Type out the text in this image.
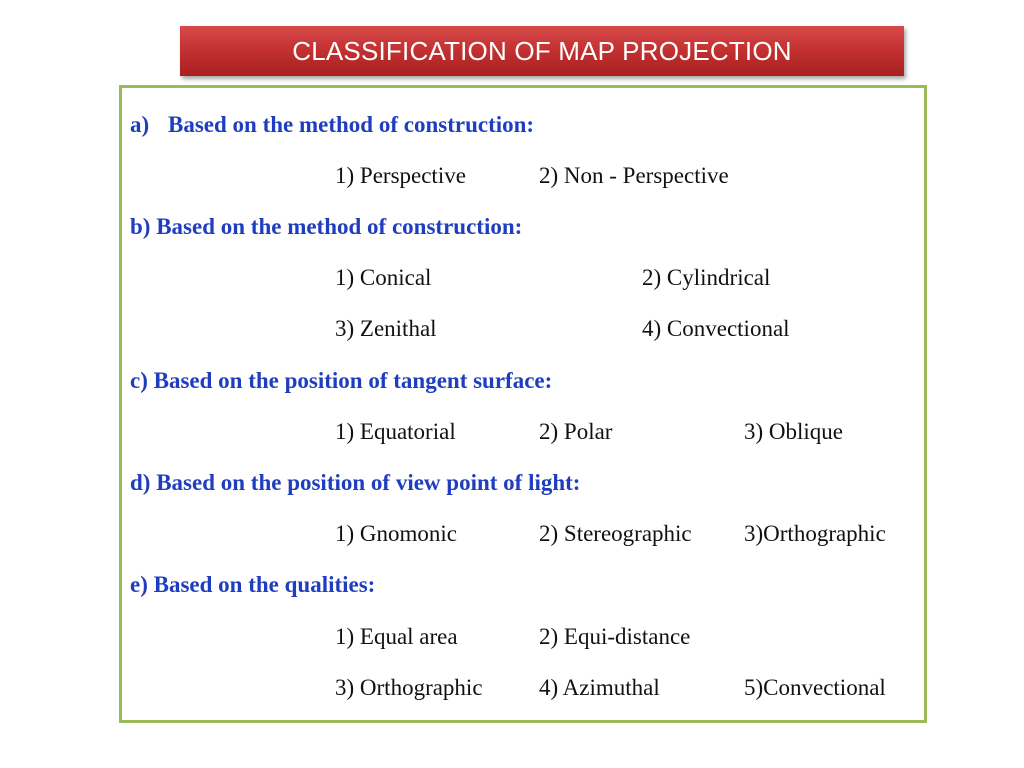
CLASSIFICATION OF MAP PROJECTION
a) Based on the method of construction:
1) Perspective	2) Non - Perspective
b) Based on the method of construction:
1) Conical	2) Cylindrical
3) Zenithal	4) Convectional
c) Based on the position of tangent surface:
1) Equatorial	2) Polar	3) Oblique
d) Based on the position of view point of light:
1) Gnomonic	2) Stereographic 3)Orthographic
e) Based on the qualities:
1) Equal area	2) Equi-distance
3) Orthographic 4) Azimuthal	5)Convectional
